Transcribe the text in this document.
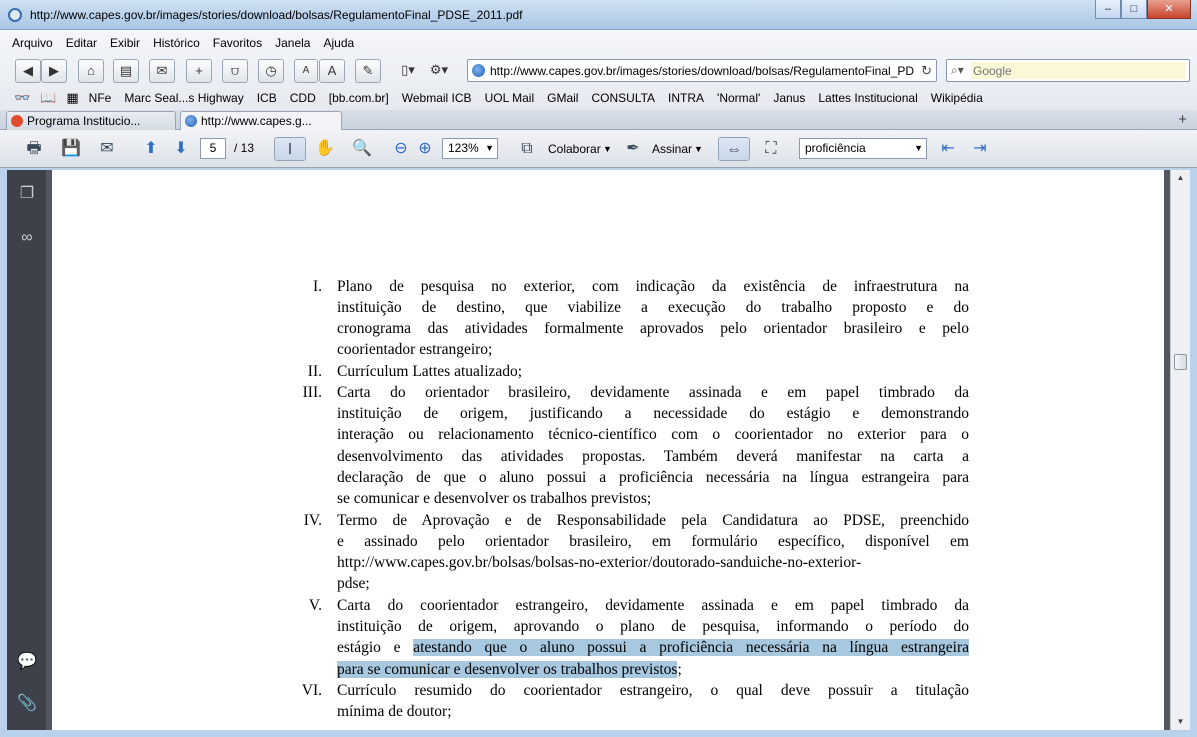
http://www.capes.gov.br/images/stories/download/bolsas/RegulamentoFinal_PDSE_2011.pdf	–	□	✕
Arquivo Editar Exibir Histórico Favoritos Janela Ajuda
◀	▶	⌂	▤	✉	+	⩌	◷	A	A	✎	▯▾	⚙▾	http://www.capes.gov.br/images/stories/download/bolsas/RegulamentoFinal_PD ↻ ⌕▾
Google
👓 📖 ▦ NFe Marc Seal...s Highway ICB CDD [bb.com.br] Webmail ICB UOL Mail GMail CONSULTA INTRA 'Normal' Janus Lattes Institucional Wikipédia
Programa Institucio...	http://www.capes.g...	+
🖶	💾	✉	⬆	⬇	5	/ 13	I	✋ 🔍 ⊖ ⊕	123% ▼	⧉	Colaborar ▼ ✒	Assinar ▼	⇔	⛶	proficiência	▼	⇤	⇥
❐
∞
💬
📎
I. Plano de pesquisa no exterior, com indicação da existência de infraestrutura na
instituição de destino, que viabilize a execução do trabalho proposto e do
cronograma das atividades formalmente aprovados pelo orientador brasileiro e pelo
coorientador estrangeiro;
II. Currículum Lattes atualizado;
III. Carta do orientador brasileiro, devidamente assinada e em papel timbrado da
instituição de origem, justificando a necessidade do estágio e demonstrando
interação ou relacionamento técnico-científico com o coorientador no exterior para o
desenvolvimento das atividades propostas. Também deverá manifestar na carta a
declaração de que o aluno possui a proficiência necessária na língua estrangeira para
se comunicar e desenvolver os trabalhos previstos;
IV. Termo de Aprovação e de Responsabilidade pela Candidatura ao PDSE, preenchido
e assinado pelo orientador brasileiro, em formulário específico, disponível em
http://www.capes.gov.br/bolsas/bolsas-no-exterior/doutorado-sanduiche-no-exterior-
pdse;
V. Carta do coorientador estrangeiro, devidamente assinada e em papel timbrado da
instituição de origem, aprovando o plano de pesquisa, informando o período do
estágio e atestando que o aluno possui a proficiência necessária na língua estrangeira
para se comunicar e desenvolver os trabalhos previstos;
VI. Currículo resumido do coorientador estrangeiro, o qual deve possuir a titulação
mínima de doutor;
▲
▼
